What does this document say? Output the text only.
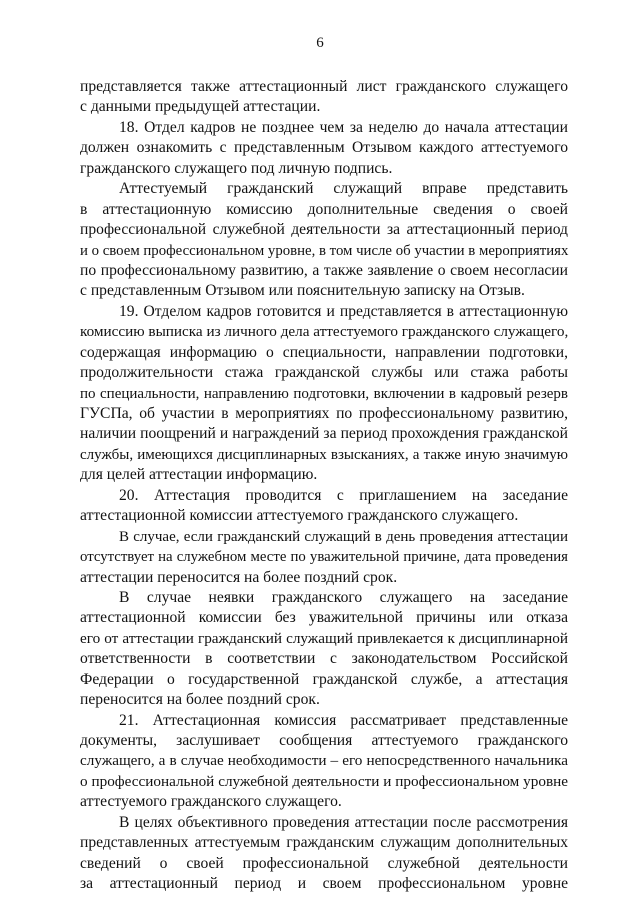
6
представляется также аттестационный лист гражданского служащего
с данными предыдущей аттестации.
18. Отдел кадров не позднее чем за неделю до начала аттестации
должен ознакомить с представленным Отзывом каждого аттестуемого
гражданского служащего под личную подпись.
Аттестуемый гражданский служащий вправе представить
в аттестационную комиссию дополнительные сведения о своей
профессиональной служебной деятельности за аттестационный период
и о своем профессиональном уровне, в том числе об участии в мероприятиях
по профессиональному развитию, а также заявление о своем несогласии
с представленным Отзывом или пояснительную записку на Отзыв.
19. Отделом кадров готовится и представляется в аттестационную
комиссию выписка из личного дела аттестуемого гражданского служащего,
содержащая информацию о специальности, направлении подготовки,
продолжительности стажа гражданской службы или стажа работы
по специальности, направлению подготовки, включении в кадровый резерв
ГУСПа, об участии в мероприятиях по профессиональному развитию,
наличии поощрений и награждений за период прохождения гражданской
службы, имеющихся дисциплинарных взысканиях, а также иную значимую
для целей аттестации информацию.
20. Аттестация проводится с приглашением на заседание
аттестационной комиссии аттестуемого гражданского служащего.
В случае, если гражданский служащий в день проведения аттестации
отсутствует на служебном месте по уважительной причине, дата проведения
аттестации переносится на более поздний срок.
В случае неявки гражданского служащего на заседание
аттестационной комиссии без уважительной причины или отказа
его от аттестации гражданский служащий привлекается к дисциплинарной
ответственности в соответствии с законодательством Российской
Федерации о государственной гражданской службе, а аттестация
переносится на более поздний срок.
21. Аттестационная комиссия рассматривает представленные
документы, заслушивает сообщения аттестуемого гражданского
служащего, а в случае необходимости – его непосредственного начальника
о профессиональной служебной деятельности и профессиональном уровне
аттестуемого гражданского служащего.
В целях объективного проведения аттестации после рассмотрения
представленных аттестуемым гражданским служащим дополнительных
сведений о своей профессиональной служебной деятельности
за аттестационный период и своем профессиональном уровне
